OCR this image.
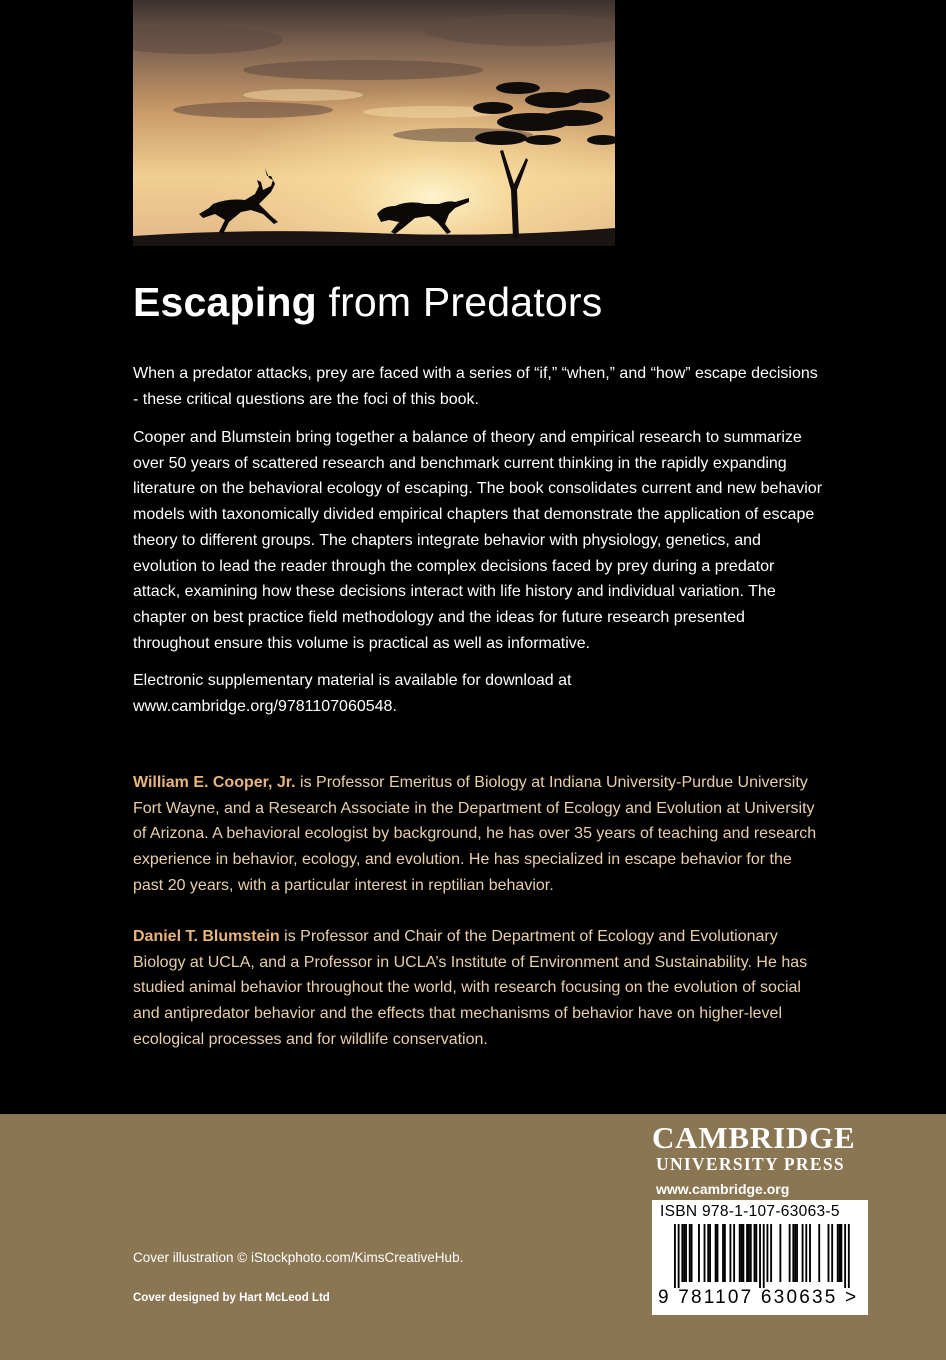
Escaping from Predators

When a predator attacks, prey are faced with a series of “if,” “when,” and “how” escape decisions - these critical questions are the foci of this book.

Cooper and Blumstein bring together a balance of theory and empirical research to summarize over 50 years of scattered research and benchmark current thinking in the rapidly expanding literature on the behavioral ecology of escaping. The book consolidates current and new behavior models with taxonomically divided empirical chapters that demonstrate the application of escape theory to different groups. The chapters integrate behavior with physiology, genetics, and evolution to lead the reader through the complex decisions faced by prey during a predator attack, examining how these decisions interact with life history and individual variation. The chapter on best practice field methodology and the ideas for future research presented throughout ensure this volume is practical as well as informative.

Electronic supplementary material is available for download at www.cambridge.org/9781107060548.

William E. Cooper, Jr. is Professor Emeritus of Biology at Indiana University-Purdue University Fort Wayne, and a Research Associate in the Department of Ecology and Evolution at University of Arizona. A behavioral ecologist by background, he has over 35 years of teaching and research experience in behavior, ecology, and evolution. He has specialized in escape behavior for the past 20 years, with a particular interest in reptilian behavior.

Daniel T. Blumstein is Professor and Chair of the Department of Ecology and Evolutionary Biology at UCLA, and a Professor in UCLA’s Institute of Environment and Sustainability. He has studied animal behavior throughout the world, with research focusing on the evolution of social and antipredator behavior and the effects that mechanisms of behavior have on higher-level ecological processes and for wildlife conservation.

Cover illustration © iStockphoto.com/KimsCreativeHub.

Cover designed by Hart McLeod Ltd

CAMBRIDGE
UNIVERSITY PRESS
www.cambridge.org
ISBN 978-1-107-63063-5
9 781107 630635 >
